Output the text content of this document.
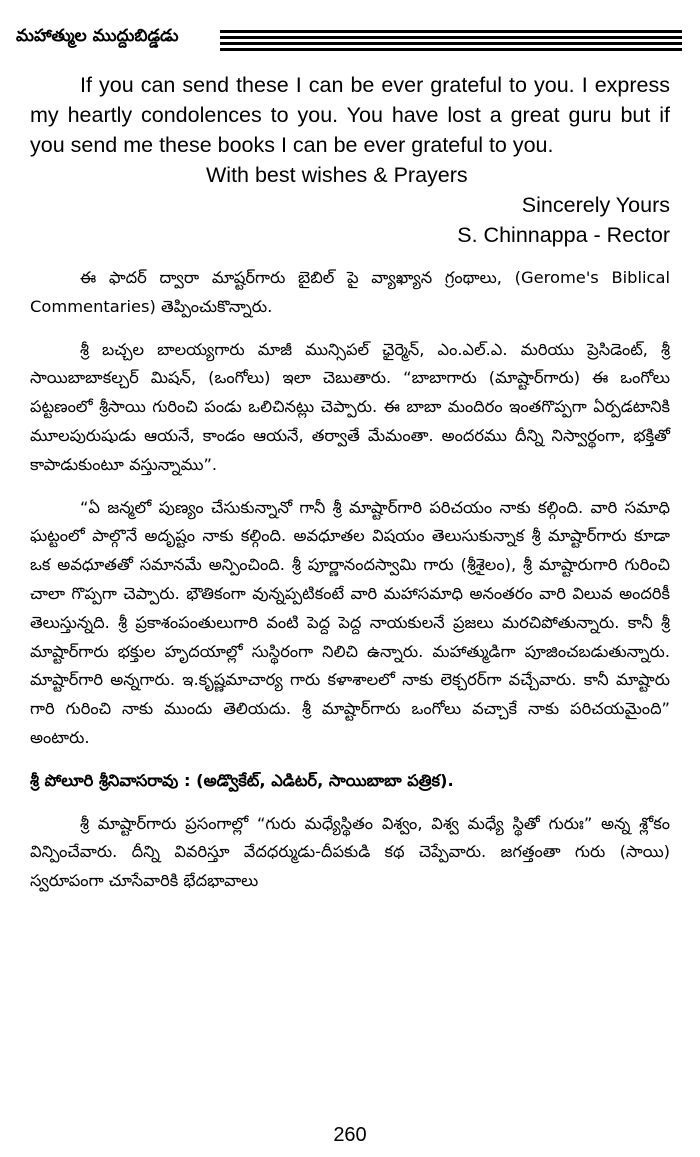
మహాత్ముల ముద్దుబిడ్డడు

If you can send these I can be ever grateful to you. I express my heartly condolences to you. You have lost a great guru but if you send me these books I can be ever grateful to you.

With best wishes & Prayers

Sincerely Yours

S. Chinnappa - Rector

ఈ ఫాదర్ ద్వారా మాష్టర్‌గారు బైబిల్ పై వ్యాఖ్యాన గ్రంథాలు, (Gerome's Biblical Commentaries) తెప్పించుకొన్నారు.

శ్రీ బచ్చల బాలయ్యగారు మాజీ మున్సిపల్ ఛైర్మెన్, ఎం.ఎల్.ఎ. మరియు ప్రెసిడెంట్, శ్రీ సాయిబాబాకల్చర్ మిషన్, (ఒంగోలు) ఇలా చెబుతారు. “బాబాగారు (మాష్టార్‌గారు) ఈ ఒంగోలు పట్టణంలో శ్రీసాయి గురించి పండు ఒలిచినట్లు చెప్పారు. ఈ బాబా మందిరం ఇంతగొప్పగా ఏర్పడటానికి మూలపురుషుడు ఆయనే, కాండం ఆయనే, తర్వాతే మేమంతా. అందరము దీన్ని నిస్వార్థంగా, భక్తితో కాపాడుకుంటూ వస్తున్నాము”.

“ఏ జన్మలో పుణ్యం చేసుకున్నానో గానీ శ్రీ మాష్టార్‌గారి పరిచయం నాకు కల్గింది. వారి సమాధి ఘట్టంలో పాల్గొనే అదృష్టం నాకు కల్గింది. అవధూతల విషయం తెలుసుకున్నాక శ్రీ మాష్టార్‌గారు కూడా ఒక అవధూతతో సమానమే అన్పించింది. శ్రీ పూర్ణానందస్వామి గారు (శ్రీశైలం), శ్రీ మాష్టారుగారి గురించి చాలా గొప్పగా చెప్పారు. భౌతికంగా వున్నప్పటికంటే వారి మహాసమాధి అనంతరం వారి విలువ అందరికీ తెలుస్తున్నది. శ్రీ ప్రకాశంపంతులుగారి వంటి పెద్ద పెద్ద నాయకులనే ప్రజలు మరచిపోతున్నారు. కానీ శ్రీ మాష్టార్‌గారు భక్తుల హృదయాల్లో సుస్థిరంగా నిలిచి ఉన్నారు. మహాత్ముడిగా పూజించబడుతున్నారు. మాష్టార్‌గారి అన్నగారు. ఇ.కృష్ణమాచార్య గారు కళాశాలలో నాకు లెక్చరర్‌గా వచ్చేవారు. కానీ మాష్టారు గారి గురించి నాకు ముందు తెలియదు. శ్రీ మాష్టార్‌గారు ఒంగోలు వచ్చాకే నాకు పరిచయమైంది” అంటారు.

శ్రీ పోలూరి శ్రీనివాసరావు : (అడ్వొకేట్, ఎడిటర్, సాయిబాబా పత్రిక).

శ్రీ మాష్టార్‌గారు ప్రసంగాల్లో “గురు మధ్యేస్థితం విశ్వం, విశ్వ మధ్యే స్థితో గురుః” అన్న శ్లోకం విన్పించేవారు. దీన్ని వివరిస్తూ వేదధర్ముడు-దీపకుడి కథ చెప్పేవారు. జగత్తంతా గురు (సాయి) స్వరూపంగా చూసేవారికి భేదభావాలు

260
